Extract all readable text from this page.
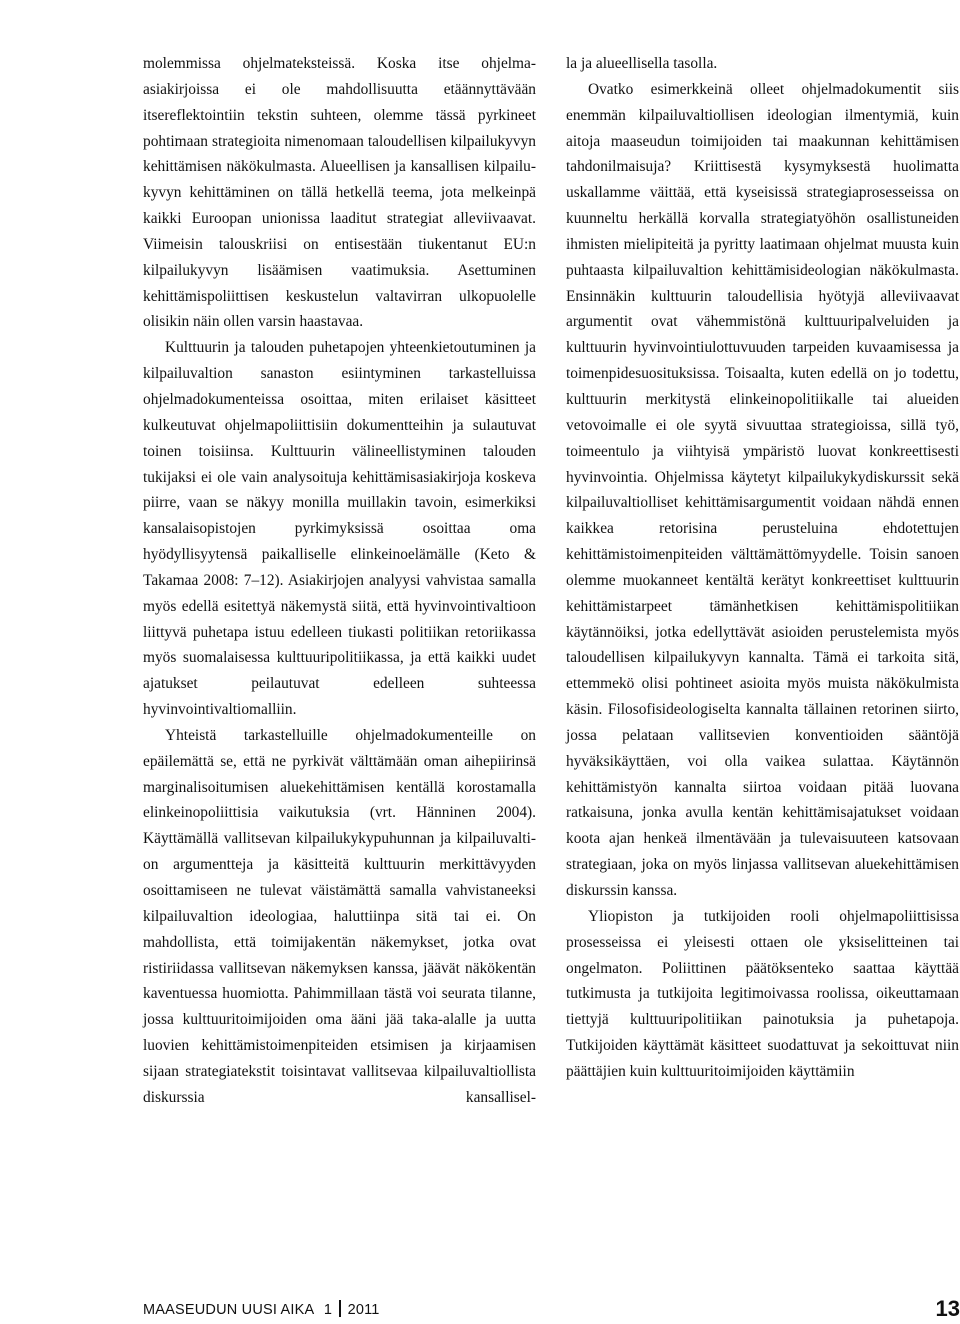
molemmissa ohjelmateksteissä. Koska itse ohjelma-asiakirjoissa ei ole mahdollisuutta etäännyttävään itsereflektointiin tekstin suhteen, olemme tässä pyrkineet pohtimaan strategioita nimenomaan taloudellisen kilpailukyvyn kehittämisen näkökulmasta. Alueellisen ja kansallisen kilpailukyvyn kehittäminen on tällä hetkellä teema, jota melkeinpä kaikki Euroopan unionissa laaditut strategiat alleviivaavat. Viimeisin talouskriisi on entisestään tiukentanut EU:n kilpailukyvyn lisäämisen vaatimuksia. Asettuminen kehittämispoliittisen keskustelun valtavirran ulkopuolelle olisikin näin ollen varsin haastavaa.

Kulttuurin ja talouden puhetapojen yhteenkietoutuminen ja kilpailuvaltion sanaston esiintyminen tarkastelluissa ohjelmadokumenteissa osoittaa, miten erilaiset käsitteet kulkeutuvat ohjelmapoliittisiin dokumentteihin ja sulautuvat toinen toisiinsa. Kulttuurin välineellistyminen talouden tukijaksi ei ole vain analysoituja kehittämisasiakirjoja koskeva piirre, vaan se näkyy monilla muillakin tavoin, esimerkiksi kansalaisopistojen pyrkimyksissä osoittaa oma hyödyllisyytensä paikalliselle elinkeinoelämälle (Keto & Takamaa 2008: 7–12). Asiakirjojen analyysi vahvistaa samalla myös edellä esitettyä näkemystä siitä, että hyvinvointivaltioon liittyvä puhetapa istuu edelleen tiukasti politiikan retoriikassa myös suomalaisessa kulttuuripolitiikassa, ja että kaikki uudet ajatukset peilautuvat edelleen suhteessa hyvinvointivaltiomalliin.

Yhteistä tarkastelluille ohjelmadokumenteille on epäilemättä se, että ne pyrkivät välttämään oman aihepiirinsä marginalisoitumisen aluekehittämisen kentällä korostamalla elinkeinopoliittisia vaikutuksia (vrt. Hänninen 2004). Käyttämällä vallitsevan kilpailukykypuhunnan ja kilpailuvaltion argumentteja ja käsitteitä kulttuurin merkittävyyden osoittamiseen ne tulevat väistämättä samalla vahvistaneeksi kilpailuvaltion ideologiaa, haluttiinpa sitä tai ei. On mahdollista, että toimijakentän näkemykset, jotka ovat ristiriidassa vallitsevan näkemyksen kanssa, jäävät näkökentän kaventuessa huomiotta. Pahimmillaan tästä voi seurata tilanne, jossa kulttuuritoimijoiden oma ääni jää taka-alalle ja uutta luovien kehittämistoimenpiteiden etsimisen ja kirjaamisen sijaan strategiatekstit toisintavat vallitsevaa kilpailuvaltiollista diskurssia kansallisel-

la ja alueellisella tasolla.

Ovatko esimerkkeinä olleet ohjelmadokumentit siis enemmän kilpailuvaltiollisen ideologian ilmentymiä, kuin aitoja maaseudun toimijoiden tai maakunnan kehittämisen tahdonilmaisuja? Kriittisestä kysymyksestä huolimatta uskallamme väittää, että kyseisissä strategiaprosesseissa on kuunneltu herkällä korvalla strategiatyöhön osallistuneiden ihmisten mielipiteitä ja pyritty laatimaan ohjelmat muusta kuin puhtaasta kilpailuvaltion kehittämisideologian näkökulmasta. Ensinnäkin kulttuurin taloudellisia hyötyjä alleviivaavat argumentit ovat vähemmistönä kulttuuripalveluiden ja kulttuurin hyvinvointiulottuvuuden tarpeiden kuvaamisessa ja toimenpidesuosituksissa. Toisaalta, kuten edellä on jo todettu, kulttuurin merkitystä elinkeinopolitiikalle tai alueiden vetovoimalle ei ole syytä sivuuttaa strategioissa, sillä työ, toimeentulo ja viihtyisä ympäristö luovat konkreettisesti hyvinvointia. Ohjelmissa käytetyt kilpailukykydiskurssit sekä kilpailuvaltiolliset kehittämisargumentit voidaan nähdä ennen kaikkea retorisina perusteluina ehdotettujen kehittämistoimenpiteiden välttämättömyydelle. Toisin sanoen olemme muokanneet kentältä kerätyt konkreettiset kulttuurin kehittämistarpeet tämänhetkisen kehittämispolitiikan käytännöiksi, jotka edellyttävät asioiden perustelemista myös taloudellisen kilpailukyvyn kannalta. Tämä ei tarkoita sitä, ettemmekö olisi pohtineet asioita myös muista näkökulmista käsin. Filosofisideologiselta kannalta tällainen retorinen siirto, jossa pelataan vallitsevien konventioiden sääntöjä hyväksikäyttäen, voi olla vaikea sulattaa. Käytännön kehittämistyön kannalta siirtoa voidaan pitää luovana ratkaisuna, jonka avulla kentän kehittämisajatukset voidaan koota ajan henkeä ilmentävään ja tulevaisuuteen katsovaan strategiaan, joka on myös linjassa vallitsevan aluekehittämisen diskurssin kanssa.

Yliopiston ja tutkijoiden rooli ohjelmapoliittisissa prosesseissa ei yleisesti ottaen ole yksiselitteinen tai ongelmaton. Poliittinen päätöksenteko saattaa käyttää tutkimusta ja tutkijoita legitimoivassa roolissa, oikeuttamaan tiettyjä kulttuuripolitiikan painotuksia ja puhetapoja. Tutkijoiden käyttämät käsitteet suodattuvat ja sekoittuvat niin päättäjien kuin kulttuuritoimijoiden käyttämiin

MAASEUDUN UUSI AIKA 1 2011	13
